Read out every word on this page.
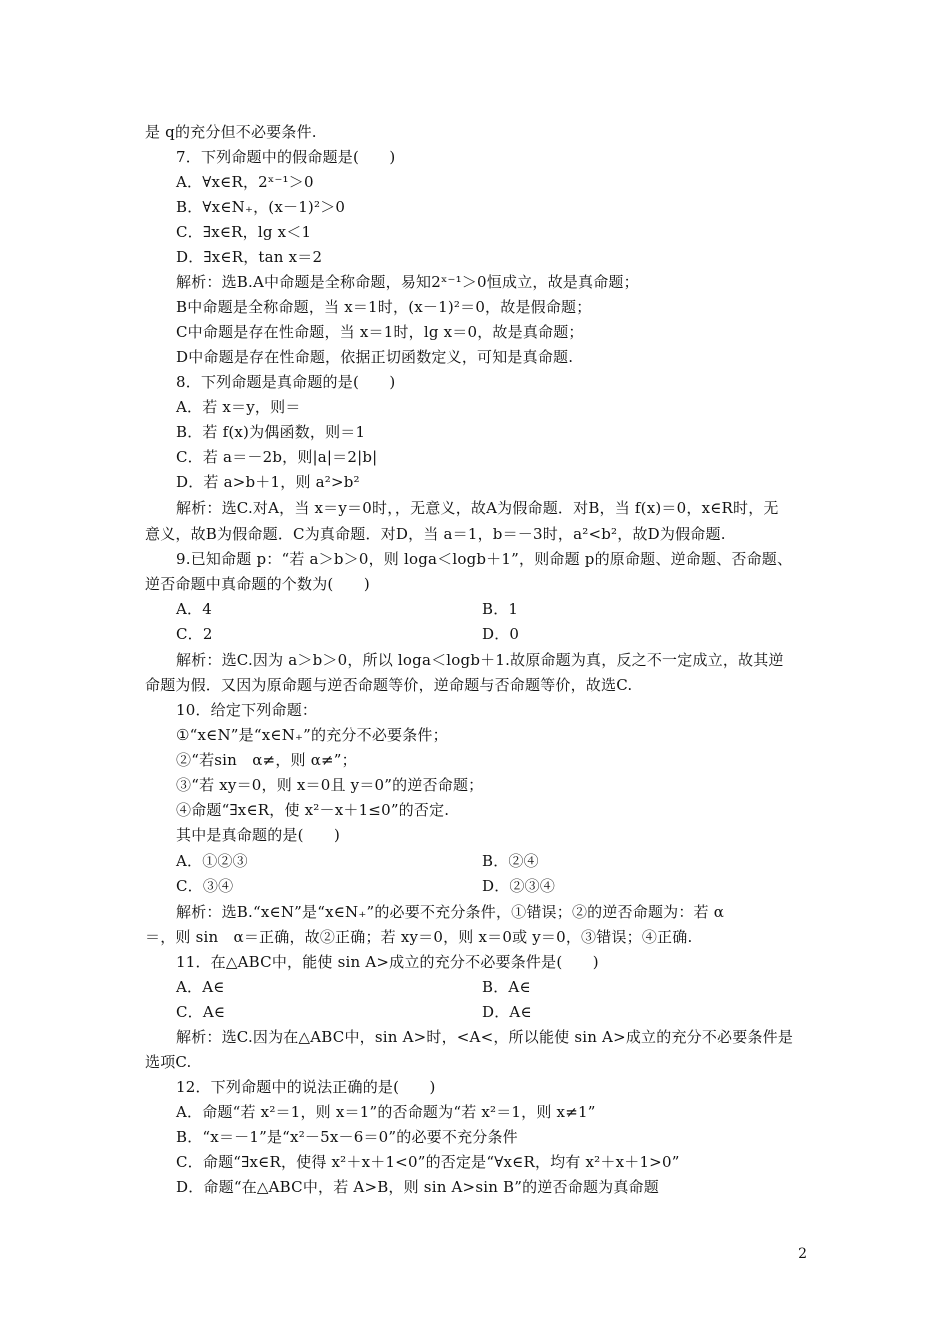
是 q的充分但不必要条件.
7．下列命题中的假命题是(　　)
A．∀x∈R，2ˣ⁻¹＞0
B．∀x∈N₊，(x－1)²＞0
C．∃x∈R，lg x＜1
D．∃x∈R，tan x＝2
解析：选B.A中命题是全称命题，易知2ˣ⁻¹＞0恒成立，故是真命题；
B中命题是全称命题，当 x＝1时，(x－1)²＝0，故是假命题；
C中命题是存在性命题，当 x＝1时，lg x＝0，故是真命题；
D中命题是存在性命题，依据正切函数定义，可知是真命题.
8．下列命题是真命题的是(　　)
A．若 x＝y，则＝
B．若 f(x)为偶函数，则＝1
C．若 a＝－2b，则|a|＝2|b|
D．若 a>b＋1，则 a²>b²
解析：选C.对A，当 x＝y＝0时，，无意义，故A为假命题．对B，当 f(x)＝0，x∈R时，无
意义，故B为假命题．C为真命题．对D，当 a＝1，b＝－3时，a²<b²，故D为假命题.
9.已知命题 p：“若 a＞b＞0，则 loga＜logb＋1”，则命题 p的原命题、逆命题、否命题、
逆否命题中真命题的个数为(　　)
A．4	B．1
C．2	D．0
解析：选C.因为 a＞b＞0，所以 loga＜logb＋1.故原命题为真，反之不一定成立，故其逆
命题为假．又因为原命题与逆否命题等价，逆命题与否命题等价，故选C.
10．给定下列命题：
①“x∈N”是“x∈N₊”的充分不必要条件；
②“若sin　α≠，则 α≠”；
③“若 xy＝0，则 x＝0且 y＝0”的逆否命题；
④命题“∃x∈R，使 x²－x＋1≤0”的否定.
其中是真命题的是(　　)
A．①②③	B．②④
C．③④	D．②③④
解析：选B.“x∈N”是“x∈N₊”的必要不充分条件，①错误；②的逆否命题为：若 α
＝，则 sin　α＝正确，故②正确；若 xy＝0，则 x＝0或 y＝0，③错误；④正确.
11．在△ABC中，能使 sin A>成立的充分不必要条件是(　　)
A．A∈	B．A∈
C．A∈	D．A∈
解析：选C.因为在△ABC中，sin A>时，<A<，所以能使 sin A>成立的充分不必要条件是
选项C.
12．下列命题中的说法正确的是(　　)
A．命题“若 x²＝1，则 x＝1”的否命题为“若 x²＝1，则 x≠1”
B．“x＝－1”是“x²－5x－6＝0”的必要不充分条件
C．命题“∃x∈R，使得 x²＋x＋1<0”的否定是“∀x∈R，均有 x²＋x＋1>0”
D．命题“在△ABC中，若 A>B，则 sin A>sin B”的逆否命题为真命题
2
